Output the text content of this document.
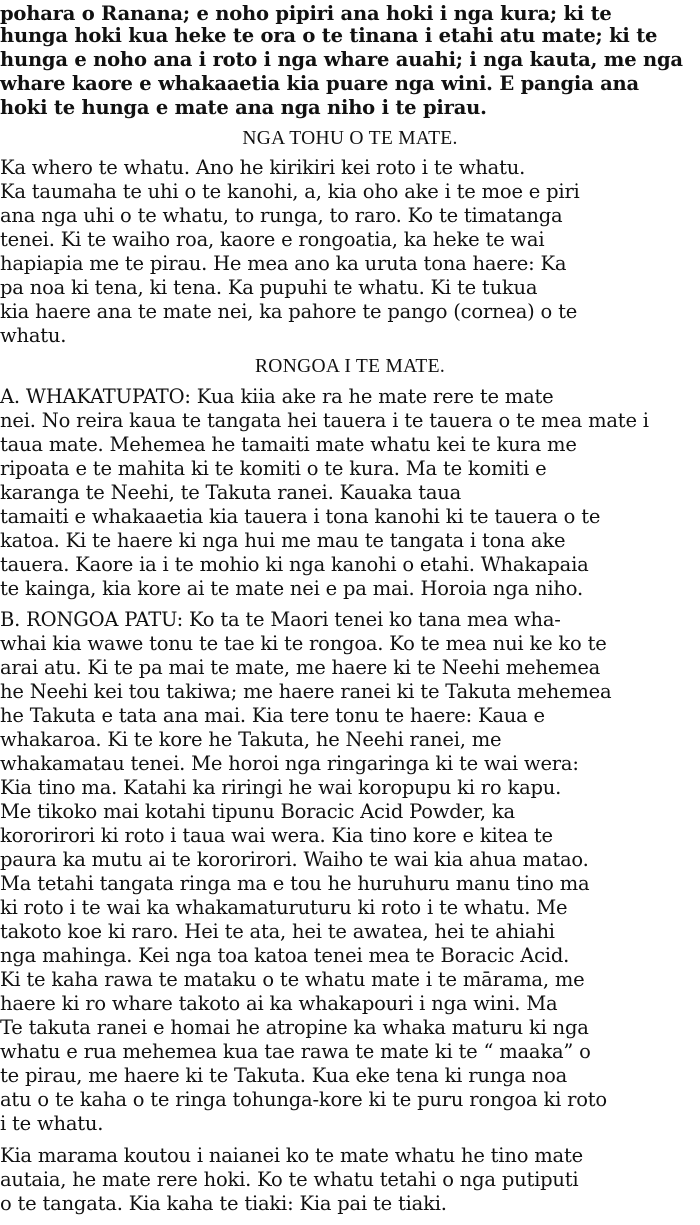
pohara o Ranana; e noho pipiri ana hoki i nga kura; ki te
hunga hoki kua heke te ora o te tinana i etahi atu mate; ki te
hunga e noho ana i roto i nga whare auahi; i nga kauta, me nga
whare kaore e whakaaetia kia puare nga wini. E pangia ana
hoki te hunga e mate ana nga niho i te pirau.
NGA TOHU O TE MATE.
Ka whero te whatu. Ano he kirikiri kei roto i te whatu.
Ka taumaha te uhi o te kanohi, a, kia oho ake i te moe e piri
ana nga uhi o te whatu, to runga, to raro. Ko te timatanga
tenei. Ki te waiho roa, kaore e rongoatia, ka heke te wai
hapiapia me te pirau. He mea ano ka uruta tona haere: Ka
pa noa ki tena, ki tena. Ka pupuhi te whatu. Ki te tukua
kia haere ana te mate nei, ka pahore te pango (cornea) o te
whatu.
RONGOA I TE MATE.
A. WHAKATUPATO: Kua kiia ake ra he mate rere te mate
nei. No reira kaua te tangata hei tauera i te tauera o te mea mate i
taua mate. Mehemea he tamaiti mate whatu kei te kura me
ripoata e te mahita ki te komiti o te kura. Ma te komiti e
karanga te Neehi, te Takuta ranei. Kauaka taua
tamaiti e whakaaetia kia tauera i tona kanohi ki te tauera o te
katoa. Ki te haere ki nga hui me mau te tangata i tona ake
tauera. Kaore ia i te mohio ki nga kanohi o etahi. Whakapaia
te kainga, kia kore ai te mate nei e pa mai. Horoia nga niho.
B. RONGOA PATU: Ko ta te Maori tenei ko tana mea wha-
whai kia wawe tonu te tae ki te rongoa. Ko te mea nui ke ko te
arai atu. Ki te pa mai te mate, me haere ki te Neehi mehemea
he Neehi kei tou takiwa; me haere ranei ki te Takuta mehemea
he Takuta e tata ana mai. Kia tere tonu te haere: Kaua e
whakaroa. Ki te kore he Takuta, he Neehi ranei, me
whakamatau tenei. Me horoi nga ringaringa ki te wai wera:
Kia tino ma. Katahi ka riringi he wai koropupu ki ro kapu.
Me tikoko mai kotahi tipunu Boracic Acid Powder, ka
kororirori ki roto i taua wai wera. Kia tino kore e kitea te
paura ka mutu ai te kororirori. Waiho te wai kia ahua matao.
Ma tetahi tangata ringa ma e tou he huruhuru manu tino ma
ki roto i te wai ka whakamaturuturu ki roto i te whatu. Me
takoto koe ki raro. Hei te ata, hei te awatea, hei te ahiahi
nga mahinga. Kei nga toa katoa tenei mea te Boracic Acid.
Ki te kaha rawa te mataku o te whatu mate i te mārama, me
haere ki ro whare takoto ai ka whakapouri i nga wini. Ma
Te takuta ranei e homai he atropine ka whaka maturu ki nga
whatu e rua mehemea kua tae rawa te mate ki te “ maaka” o
te pirau, me haere ki te Takuta. Kua eke tena ki runga noa
atu o te kaha o te ringa tohunga-kore ki te puru rongoa ki roto
i te whatu.
Kia marama koutou i naianei ko te mate whatu he tino mate
autaia, he mate rere hoki. Ko te whatu tetahi o nga putiputi
o te tangata. Kia kaha te tiaki: Kia pai te tiaki.
